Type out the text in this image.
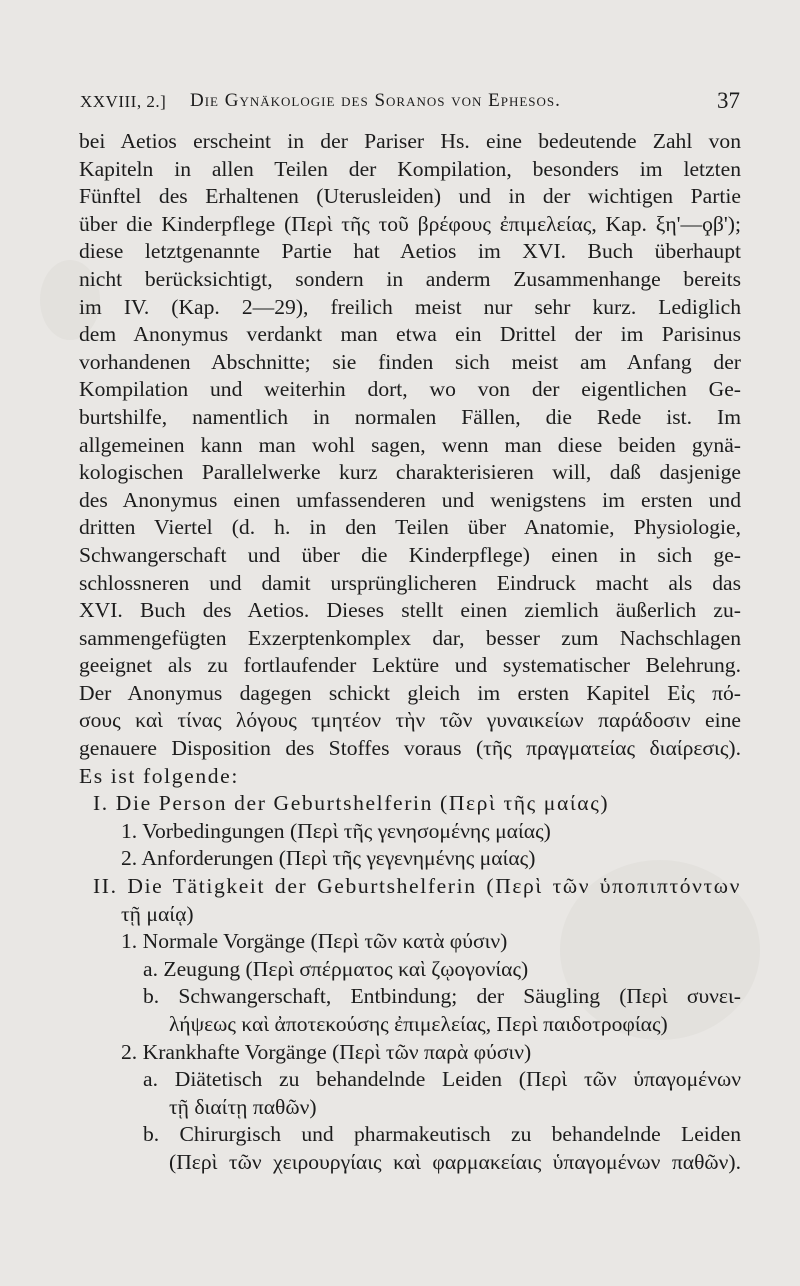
XXVIII, 2.] Die Gynäkologie des Soranos von Ephesos.	37
bei Aetios erscheint in der Pariser Hs. eine bedeutende Zahl von
Kapiteln in allen Teilen der Kompilation, besonders im letzten
Fünftel des Erhaltenen (Uterusleiden) und in der wichtigen Partie
über die Kinderpflege (Περὶ τῆς τοῦ βρέφους ἐπιμελείας, Kap. ξη'—ϙβ');
diese letztgenannte Partie hat Aetios im XVI. Buch überhaupt
nicht berücksichtigt, sondern in anderm Zusammenhange bereits
im IV. (Kap. 2—29), freilich meist nur sehr kurz. Lediglich
dem Anonymus verdankt man etwa ein Drittel der im Parisinus
vorhandenen Abschnitte; sie finden sich meist am Anfang der
Kompilation und weiterhin dort, wo von der eigentlichen Ge-
burtshilfe, namentlich in normalen Fällen, die Rede ist. Im
allgemeinen kann man wohl sagen, wenn man diese beiden gynä-
kologischen Parallelwerke kurz charakterisieren will, daß dasjenige
des Anonymus einen umfassenderen und wenigstens im ersten und
dritten Viertel (d. h. in den Teilen über Anatomie, Physiologie,
Schwangerschaft und über die Kinderpflege) einen in sich ge-
schlossneren und damit ursprünglicheren Eindruck macht als das
XVI. Buch des Aetios. Dieses stellt einen ziemlich äußerlich zu-
sammengefügten Exzerptenkomplex dar, besser zum Nachschlagen
geeignet als zu fortlaufender Lektüre und systematischer Belehrung.
Der Anonymus dagegen schickt gleich im ersten Kapitel Εἰς πό-
σους καὶ τίνας λόγους τμητέον τὴν τῶν γυναικείων παράδοσιν eine
genauere Disposition des Stoffes voraus (τῆς πραγματείας διαίρεσις).
Es ist folgende:
I. Die Person der Geburtshelferin (Περὶ τῆς μαίας)
1. Vorbedingungen (Περὶ τῆς γενησομένης μαίας)
2. Anforderungen (Περὶ τῆς γεγενημένης μαίας)
II. Die Tätigkeit der Geburtshelferin (Περὶ τῶν ὑποπιπτόντων
τῇ μαίᾳ)
1. Normale Vorgänge (Περὶ τῶν κατὰ φύσιν)
a. Zeugung (Περὶ σπέρματος καὶ ζῳογονίας)
b. Schwangerschaft, Entbindung; der Säugling (Περὶ συνει-
λήψεως καὶ ἀποτεκούσης ἐπιμελείας, Περὶ παιδοτροφίας)
2. Krankhafte Vorgänge (Περὶ τῶν παρὰ φύσιν)
a. Diätetisch zu behandelnde Leiden (Περὶ τῶν ὑπαγομένων
τῇ διαίτῃ παθῶν)
b. Chirurgisch und pharmakeutisch zu behandelnde Leiden
(Περὶ τῶν χειρουργίαις καὶ φαρμακείαις ὑπαγομένων παθῶν).
